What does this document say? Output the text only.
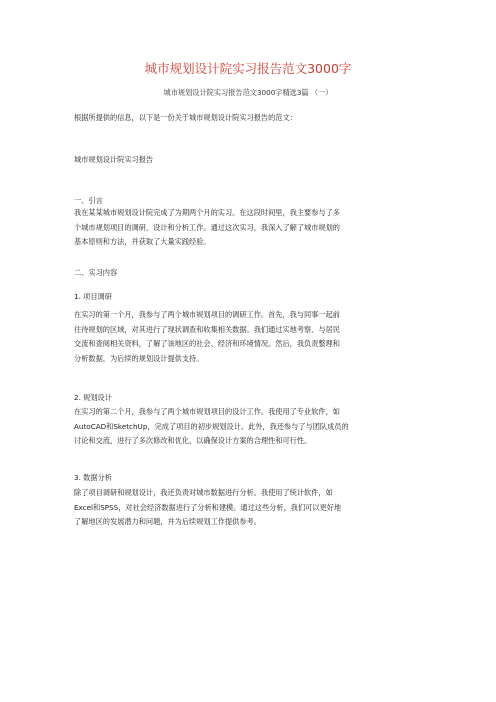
城市规划设计院实习报告范文3000字
城市规划设计院实习报告范文3000字精选3篇 （一）
根据所提供的信息，以下是一份关于城市规划设计院实习报告的范文：
城市规划设计院实习报告
一、引言
我在某某城市规划设计院完成了为期两个月的实习。在这段时间里，我主要参与了多
个城市规划项目的调研、设计和分析工作。通过这次实习，我深入了解了城市规划的
基本原则和方法，并获取了大量实践经验。
二、实习内容
1. 项目调研
在实习的第一个月，我参与了两个城市规划项目的调研工作。首先，我与同事一起前
往待规划的区域，对其进行了现状调查和收集相关数据。我们通过实地考察、与居民
交流和查阅相关资料，了解了该地区的社会、经济和环境情况。然后，我负责整理和
分析数据，为后续的规划设计提供支持。
2. 规划设计
在实习的第二个月，我参与了两个城市规划项目的设计工作。我使用了专业软件，如
AutoCAD和SketchUp，完成了项目的初步规划设计。此外，我还参与了与团队成员的
讨论和交流，进行了多次修改和优化，以确保设计方案的合理性和可行性。
3. 数据分析
除了项目调研和规划设计，我还负责对城市数据进行分析。我使用了统计软件，如
Excel和SPSS，对社会经济数据进行了分析和建模。通过这些分析，我们可以更好地
了解地区的发展潜力和问题，并为后续规划工作提供参考。
